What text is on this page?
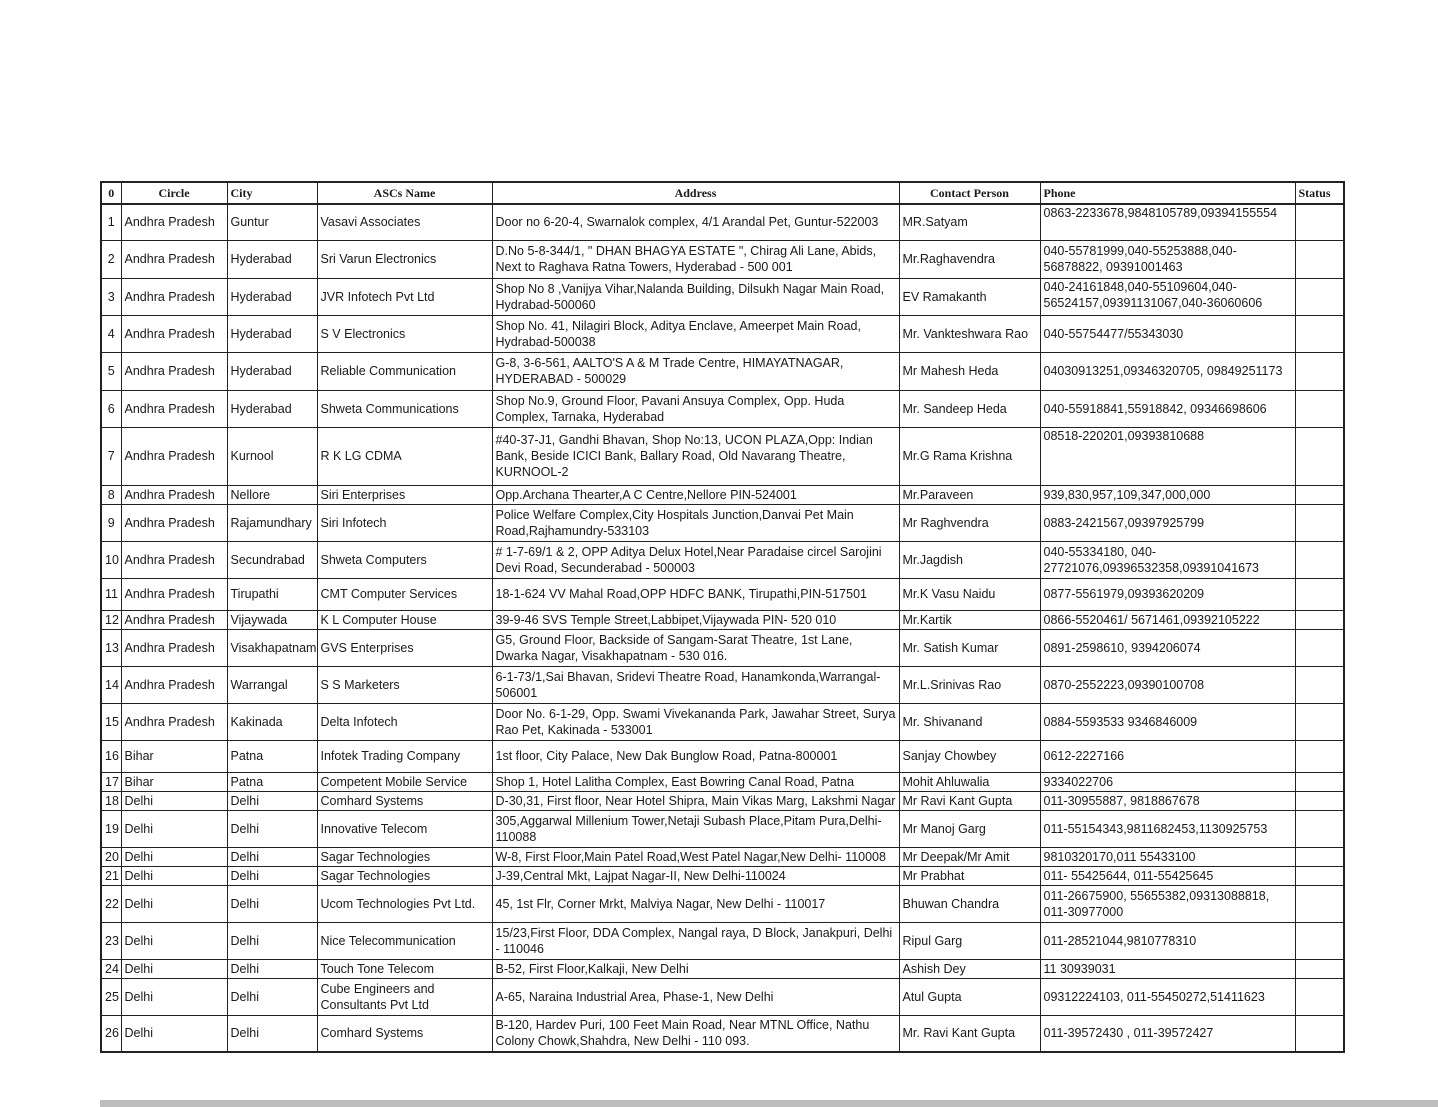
0	Circle	City	ASCs Name	Address	Contact Person	Phone	Status
1	Andhra Pradesh	Guntur	Vasavi Associates	Door no 6-20-4, Swarnalok complex, 4/1 Arandal Pet, Guntur-522003	MR.Satyam	0863-2233678,9848105789,09394155554	
2	Andhra Pradesh	Hyderabad	Sri Varun Electronics	D.No 5-8-344/1, " DHAN BHAGYA ESTATE ", Chirag Ali Lane, Abids, Next to Raghava Ratna Towers, Hyderabad - 500 001	Mr.Raghavendra	040-55781999,040-55253888,040-56878822, 09391001463	
3	Andhra Pradesh	Hyderabad	JVR Infotech Pvt Ltd	Shop No 8 ,Vanijya Vihar,Nalanda Building, Dilsukh Nagar Main Road, Hydrabad-500060	EV Ramakanth	040-24161848,040-55109604,040-56524157,09391131067,040-36060606	
4	Andhra Pradesh	Hyderabad	S V Electronics	Shop No. 41, Nilagiri Block, Aditya Enclave, Ameerpet Main Road, Hydrabad-500038	Mr. Vankteshwara Rao	040-55754477/55343030	
5	Andhra Pradesh	Hyderabad	Reliable Communication	G-8, 3-6-561, AALTO'S A & M Trade Centre, HIMAYATNAGAR, HYDERABAD - 500029	Mr Mahesh Heda	04030913251,09346320705, 09849251173	
6	Andhra Pradesh	Hyderabad	Shweta Communications	Shop No.9, Ground Floor, Pavani Ansuya Complex, Opp. Huda Complex, Tarnaka, Hyderabad	Mr. Sandeep Heda	040-55918841,55918842, 09346698606	
7	Andhra Pradesh	Kurnool	R K LG CDMA	#40-37-J1, Gandhi Bhavan, Shop No:13, UCON PLAZA,Opp: Indian Bank, Beside ICICI Bank, Ballary Road, Old Navarang Theatre, KURNOOL-2	Mr.G Rama Krishna	08518-220201,09393810688	
8	Andhra Pradesh	Nellore	Siri Enterprises	Opp.Archana Thearter,A C Centre,Nellore PIN-524001	Mr.Paraveen	939,830,957,109,347,000,000	
9	Andhra Pradesh	Rajamundhary	Siri Infotech	Police Welfare Complex,City Hospitals Junction,Danvai Pet Main Road,Rajhamundry-533103	Mr Raghvendra	0883-2421567,09397925799	
10	Andhra Pradesh	Secundrabad	Shweta Computers	# 1-7-69/1 & 2, OPP Aditya Delux Hotel,Near Paradaise circel Sarojini Devi Road, Secunderabad - 500003	Mr.Jagdish	040-55334180, 040-27721076,09396532358,09391041673	
11	Andhra Pradesh	Tirupathi	CMT Computer Services	18-1-624 VV Mahal Road,OPP HDFC BANK, Tirupathi,PIN-517501	Mr.K Vasu Naidu	0877-5561979,09393620209	
12	Andhra Pradesh	Vijaywada	K L Computer House	39-9-46 SVS Temple Street,Labbipet,Vijaywada PIN- 520 010	Mr.Kartik	0866-5520461/ 5671461,09392105222	
13	Andhra Pradesh	Visakhapatnam	GVS Enterprises	G5, Ground Floor, Backside of Sangam-Sarat Theatre, 1st Lane, Dwarka Nagar, Visakhapatnam - 530 016.	Mr. Satish Kumar	0891-2598610, 9394206074	
14	Andhra Pradesh	Warrangal	S S Marketers	6-1-73/1,Sai Bhavan, Sridevi Theatre Road, Hanamkonda,Warrangal-506001	Mr.L.Srinivas Rao	0870-2552223,09390100708	
15	Andhra Pradesh	Kakinada	Delta Infotech	Door No. 6-1-29, Opp. Swami Vivekananda Park, Jawahar Street, Surya Rao Pet, Kakinada - 533001	Mr. Shivanand	0884-5593533 9346846009	
16	Bihar	Patna	Infotek Trading Company	1st floor, City Palace, New Dak Bunglow Road, Patna-800001	Sanjay Chowbey	0612-2227166	
17	Bihar	Patna	Competent Mobile Service	Shop 1, Hotel Lalitha Complex, East Bowring Canal Road, Patna	Mohit Ahluwalia	9334022706	
18	Delhi	Delhi	Comhard Systems	D-30,31, First floor, Near Hotel Shipra, Main Vikas Marg, Lakshmi Nagar	Mr Ravi Kant Gupta	011-30955887, 9818867678	
19	Delhi	Delhi	Innovative Telecom	305,Aggarwal Millenium Tower,Netaji Subash Place,Pitam Pura,Delhi-110088	Mr Manoj Garg	011-55154343,9811682453,1130925753	
20	Delhi	Delhi	Sagar Technologies	W-8, First Floor,Main Patel Road,West Patel Nagar,New Delhi- 110008	Mr Deepak/Mr Amit	9810320170,011 55433100	
21	Delhi	Delhi	Sagar Technologies	J-39,Central Mkt, Lajpat Nagar-II, New Delhi-110024	Mr Prabhat	011- 55425644, 011-55425645	
22	Delhi	Delhi	Ucom Technologies Pvt Ltd.	45, 1st Flr, Corner Mrkt, Malviya Nagar, New Delhi - 110017	Bhuwan Chandra	011-26675900, 55655382,09313088818, 011-30977000	
23	Delhi	Delhi	Nice Telecommunication	15/23,First Floor, DDA Complex, Nangal raya, D Block, Janakpuri, Delhi - 110046	Ripul Garg	011-28521044,9810778310	
24	Delhi	Delhi	Touch Tone Telecom	B-52, First Floor,Kalkaji, New Delhi	Ashish Dey	11 30939031	
25	Delhi	Delhi	Cube Engineers and Consultants Pvt Ltd	A-65, Naraina Industrial Area, Phase-1, New Delhi	Atul Gupta	09312224103, 011-55450272,51411623	
26	Delhi	Delhi	Comhard Systems	B-120, Hardev Puri, 100 Feet Main Road, Near MTNL Office, Nathu Colony Chowk,Shahdra, New Delhi - 110 093.	Mr. Ravi Kant Gupta	011-39572430 , 011-39572427	
